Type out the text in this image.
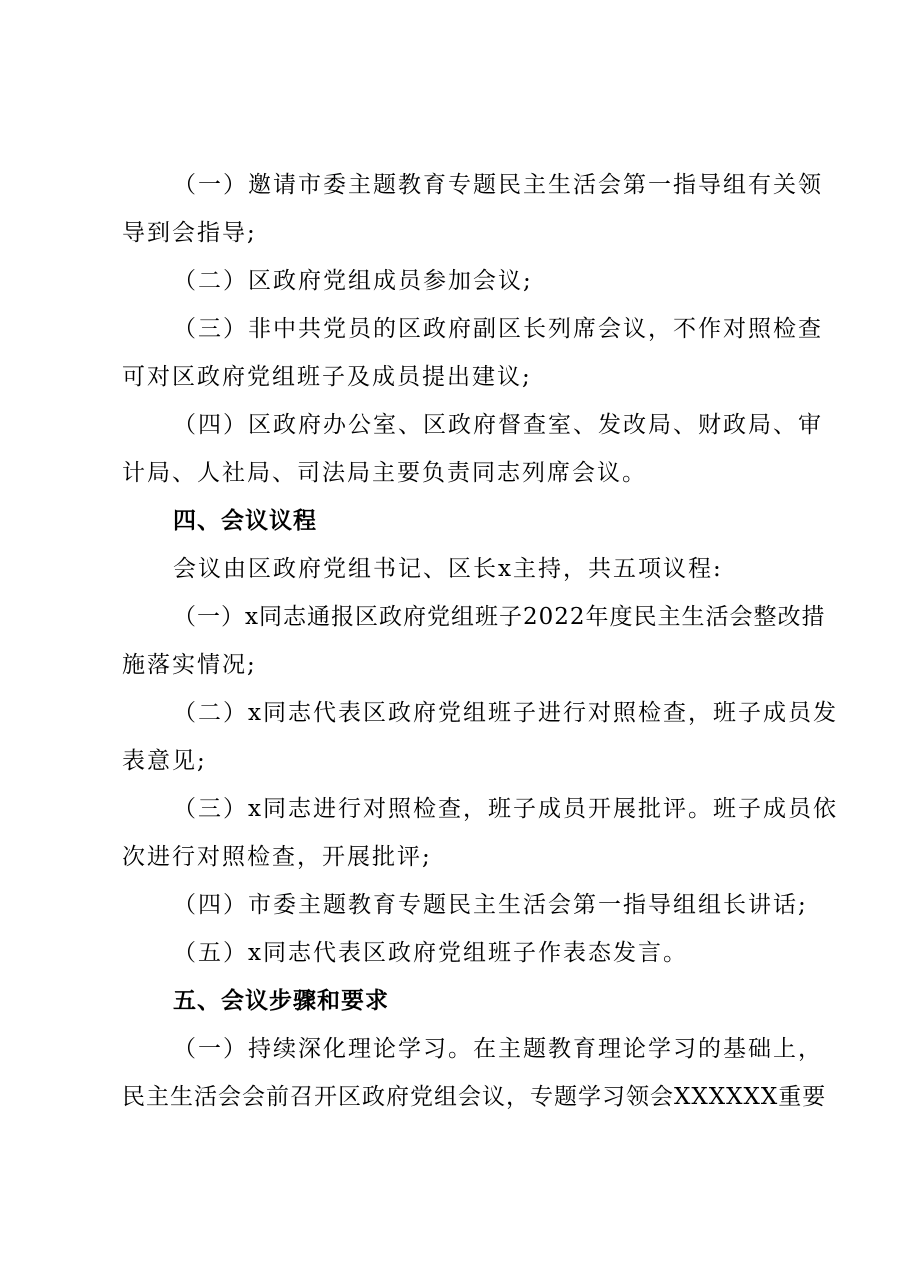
（一）邀请市委主题教育专题民主生活会第一指导组有关领
导到会指导;
（二）区政府党组成员参加会议;
（三）非中共党员的区政府副区长列席会议，不作对照检查
可对区政府党组班子及成员提出建议;
（四）区政府办公室、区政府督查室、发改局、财政局、审
计局、人社局、司法局主要负责同志列席会议。
四、会议议程
会议由区政府党组书记、区长x主持，共五项议程:
（一）x同志通报区政府党组班子2022年度民主生活会整改措
施落实情况;
（二）x同志代表区政府党组班子进行对照检查，班子成员发
表意见;
（三）x同志进行对照检查，班子成员开展批评。班子成员依
次进行对照检查，开展批评;
（四）市委主题教育专题民主生活会第一指导组组长讲话;
（五）x同志代表区政府党组班子作表态发言。
五、会议步骤和要求
（一）持续深化理论学习。在主题教育理论学习的基础上，
民主生活会会前召开区政府党组会议，专题学习领会XXXXXX重要
